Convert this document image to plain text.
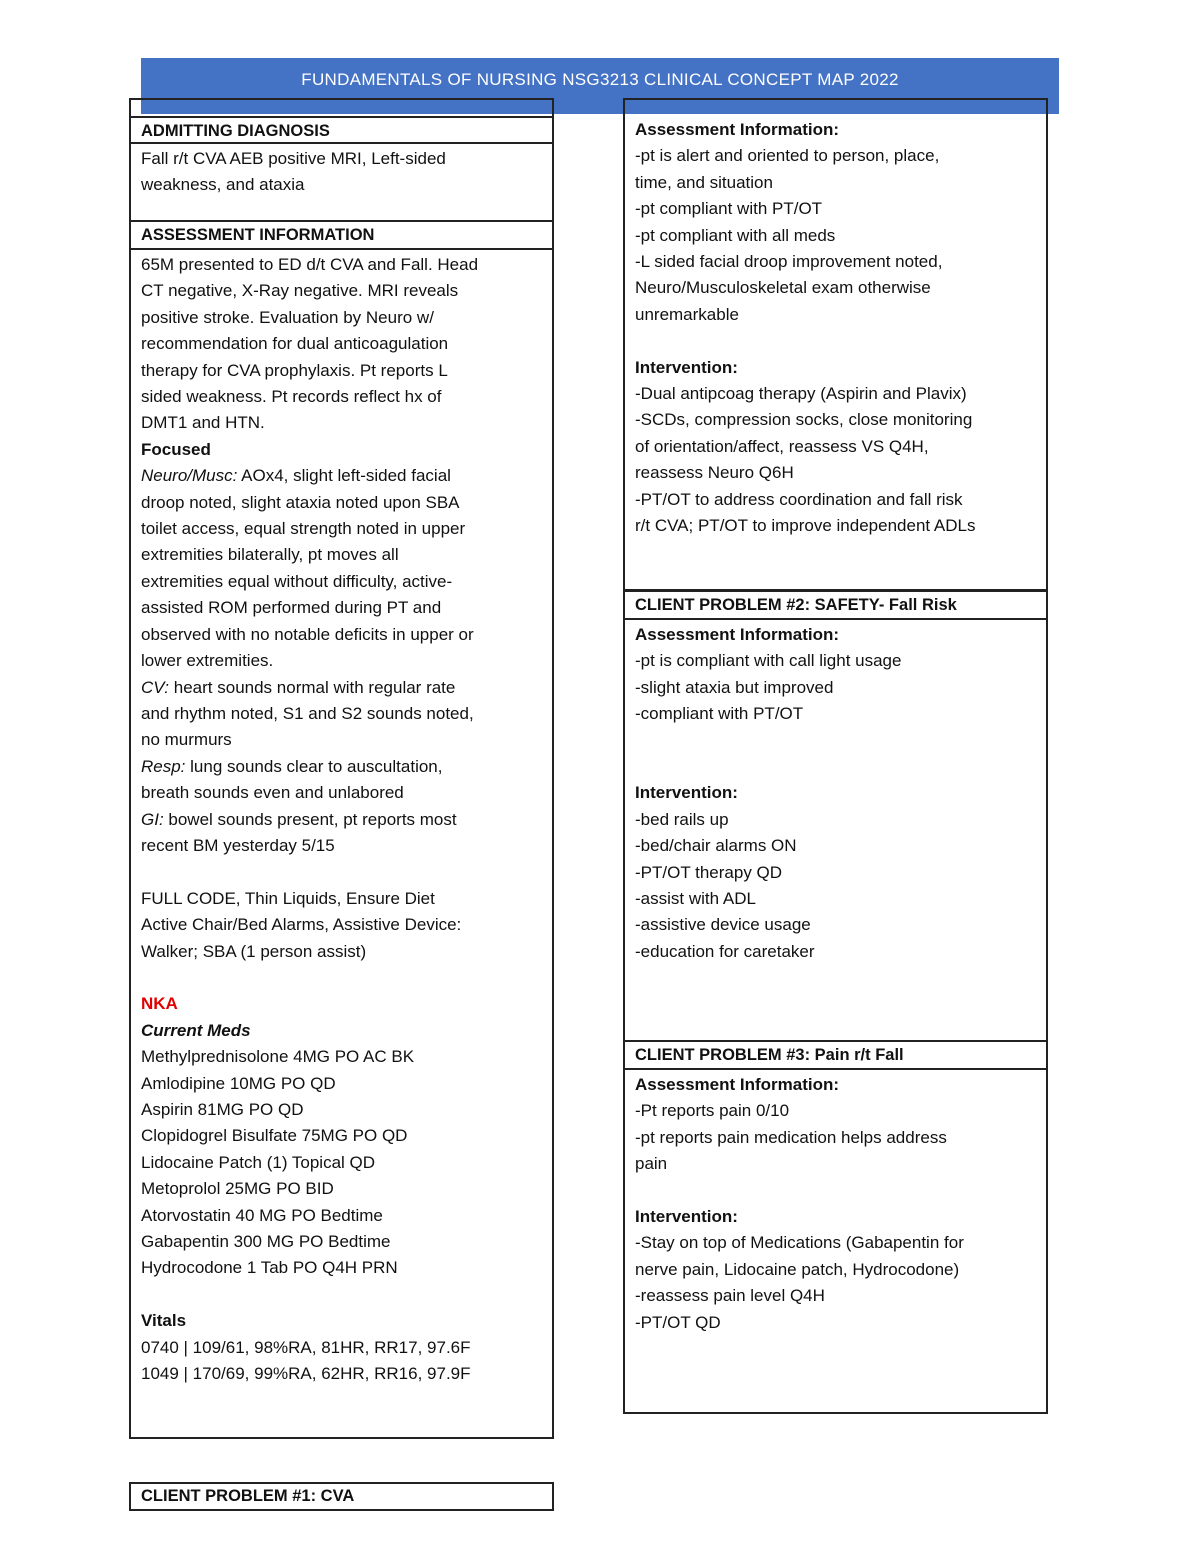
FUNDAMENTALS OF NURSING NSG3213 CLINICAL CONCEPT MAP 2022
ADMITTING DIAGNOSIS
Fall r/t CVA AEB positive MRI, Left-sided
weakness, and ataxia
ASSESSMENT INFORMATION
65M presented to ED d/t CVA and Fall. Head
CT negative, X-Ray negative. MRI reveals
positive stroke. Evaluation by Neuro w/
recommendation for dual anticoagulation
therapy for CVA prophylaxis. Pt reports L
sided weakness. Pt records reflect hx of
DMT1 and HTN.
Focused
Neuro/Musc: AOx4, slight left-sided facial
droop noted, slight ataxia noted upon SBA
toilet access, equal strength noted in upper
extremities bilaterally, pt moves all
extremities equal without difficulty, active-
assisted ROM performed during PT and
observed with no notable deficits in upper or
lower extremities.
CV: heart sounds normal with regular rate
and rhythm noted, S1 and S2 sounds noted,
no murmurs
Resp: lung sounds clear to auscultation,
breath sounds even and unlabored
GI: bowel sounds present, pt reports most
recent BM yesterday 5/15
FULL CODE, Thin Liquids, Ensure Diet
Active Chair/Bed Alarms, Assistive Device:
Walker; SBA (1 person assist)
NKA
Current Meds
Methylprednisolone 4MG PO AC BK
Amlodipine 10MG PO QD
Aspirin 81MG PO QD
Clopidogrel Bisulfate 75MG PO QD
Lidocaine Patch (1) Topical QD
Metoprolol 25MG PO BID
Atorvostatin 40 MG PO Bedtime
Gabapentin 300 MG PO Bedtime
Hydrocodone 1 Tab PO Q4H PRN
Vitals
0740 | 109/61, 98%RA, 81HR, RR17, 97.6F
1049 | 170/69, 99%RA, 62HR, RR16, 97.9F
CLIENT PROBLEM #1: CVA
Assessment Information:
-pt is alert and oriented to person, place,
time, and situation
-pt compliant with PT/OT
-pt compliant with all meds
-L sided facial droop improvement noted,
Neuro/Musculoskeletal exam otherwise
unremarkable
Intervention:
-Dual antipcoag therapy (Aspirin and Plavix)
-SCDs, compression socks, close monitoring
of orientation/affect, reassess VS Q4H,
reassess Neuro Q6H
-PT/OT to address coordination and fall risk
r/t CVA; PT/OT to improve independent ADLs
CLIENT PROBLEM #2: SAFETY- Fall Risk
Assessment Information:
-pt is compliant with call light usage
-slight ataxia but improved
-compliant with PT/OT
Intervention:
-bed rails up
-bed/chair alarms ON
-PT/OT therapy QD
-assist with ADL
-assistive device usage
-education for caretaker
CLIENT PROBLEM #3: Pain r/t Fall
Assessment Information:
-Pt reports pain 0/10
-pt reports pain medication helps address
pain
Intervention:
-Stay on top of Medications (Gabapentin for
nerve pain, Lidocaine patch, Hydrocodone)
-reassess pain level Q4H
-PT/OT QD
